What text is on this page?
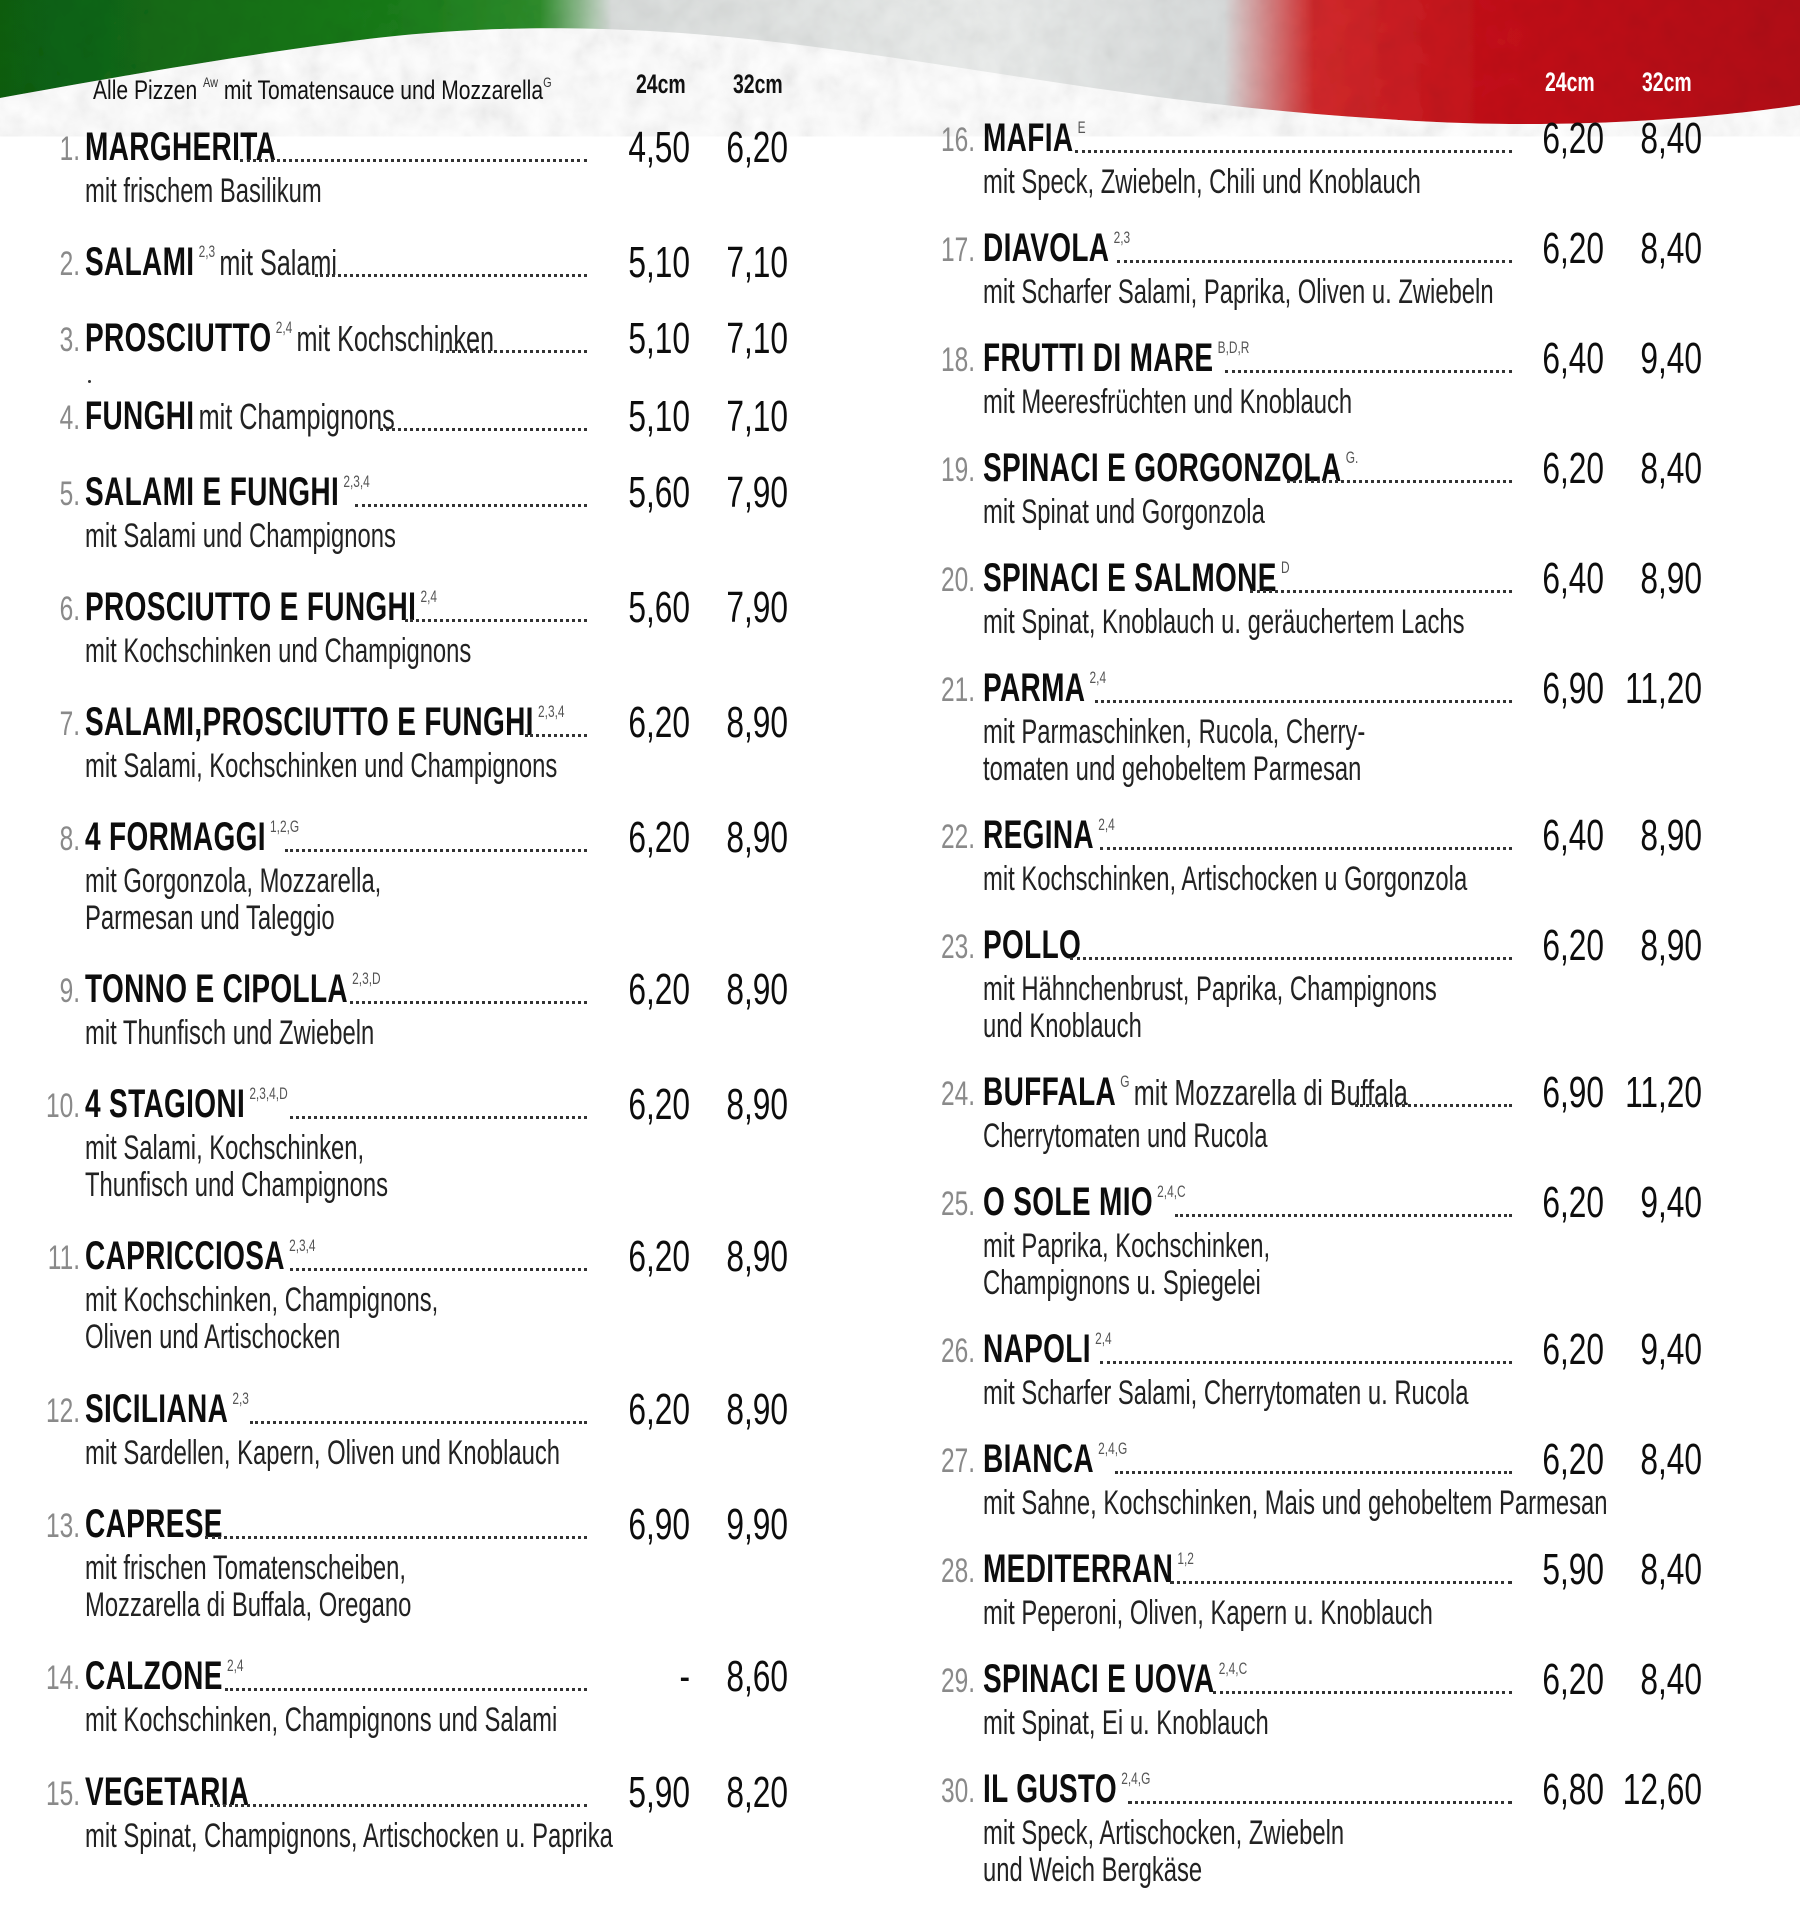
Alle Pizzen $^{Aw}$ mit Tomatensauce und Mozzarella$^G$	24cm 32cm	24cm 32cm
1. MARGHERITA	4,50 6,20
mit frischem Basilikum
2. SALAMI 2,3 mit Salami	5,10 7,10
3. PROSCIUTTO 2,4 mit Kochschinken	5,10 7,10
4. FUNGHI mit Champignons	5,10 7,10
5. SALAMI E FUNGHI 2,3,4	5,60 7,90
mit Salami und Champignons
6. PROSCIUTTO E FUNGHI 2,4	5,60 7,90
mit Kochschinken und Champignons
7. SALAMI,PROSCIUTTO E FUNGHI 2,3,4	6,20 8,90
mit Salami, Kochschinken und Champignons
8. 4 FORMAGGI 1,2,G	6,20 8,90
mit Gorgonzola, Mozzarella,
Parmesan und Taleggio
9. TONNO E CIPOLLA 2,3,D	6,20 8,90
mit Thunfisch und Zwiebeln
10. 4 STAGIONI 2,3,4,D	6,20 8,90
mit Salami, Kochschinken,
Thunfisch und Champignons
11. CAPRICCIOSA 2,3,4	6,20 8,90
mit Kochschinken, Champignons,
Oliven und Artischocken
12. SICILIANA 2,3	6,20 8,90
mit Sardellen, Kapern, Oliven und Knoblauch
13. CAPRESE	6,90 9,90
mit frischen Tomatenscheiben,
Mozzarella di Buffala, Oregano
14. CALZONE 2,4	- 8,60
mit Kochschinken, Champignons und Salami
15. VEGETARIA	5,90 8,20
mit Spinat, Champignons, Artischocken u. Paprika
16. MAFIA E	6,20 8,40
mit Speck, Zwiebeln, Chili und Knoblauch
17. DIAVOLA 2,3	6,20 8,40
mit Scharfer Salami, Paprika, Oliven u. Zwiebeln
18. FRUTTI DI MARE B,D,R	6,40 9,40
mit Meeresfrüchten und Knoblauch
19. SPINACI E GORGONZOLA G.	6,20 8,40
mit Spinat und Gorgonzola
20. SPINACI E SALMONE D	6,40 8,90
mit Spinat, Knoblauch u. geräuchertem Lachs
21. PARMA 2,4	6,90 11,20
mit Parmaschinken, Rucola, Cherry-
tomaten und gehobeltem Parmesan
22. REGINA 2,4	6,40 8,90
mit Kochschinken, Artischocken u Gorgonzola
23. POLLO	6,20 8,90
mit Hähnchenbrust, Paprika, Champignons
und Knoblauch
24. BUFFALA G mit Mozzarella di Buffala	6,90 11,20
Cherrytomaten und Rucola
25. O SOLE MIO 2,4,C	6,20 9,40
mit Paprika, Kochschinken,
Champignons u. Spiegelei
26. NAPOLI 2,4	6,20 9,40
mit Scharfer Salami, Cherrytomaten u. Rucola
27. BIANCA 2,4,G	6,20 8,40
mit Sahne, Kochschinken, Mais und gehobeltem Parmesan
28. MEDITERRAN 1,2	5,90 8,40
mit Peperoni, Oliven, Kapern u. Knoblauch
29. SPINACI E UOVA 2,4,C	6,20 8,40
mit Spinat, Ei u. Knoblauch
30. IL GUSTO 2,4,G	6,80 12,60
mit Speck, Artischocken, Zwiebeln
und Weich Bergkäse
